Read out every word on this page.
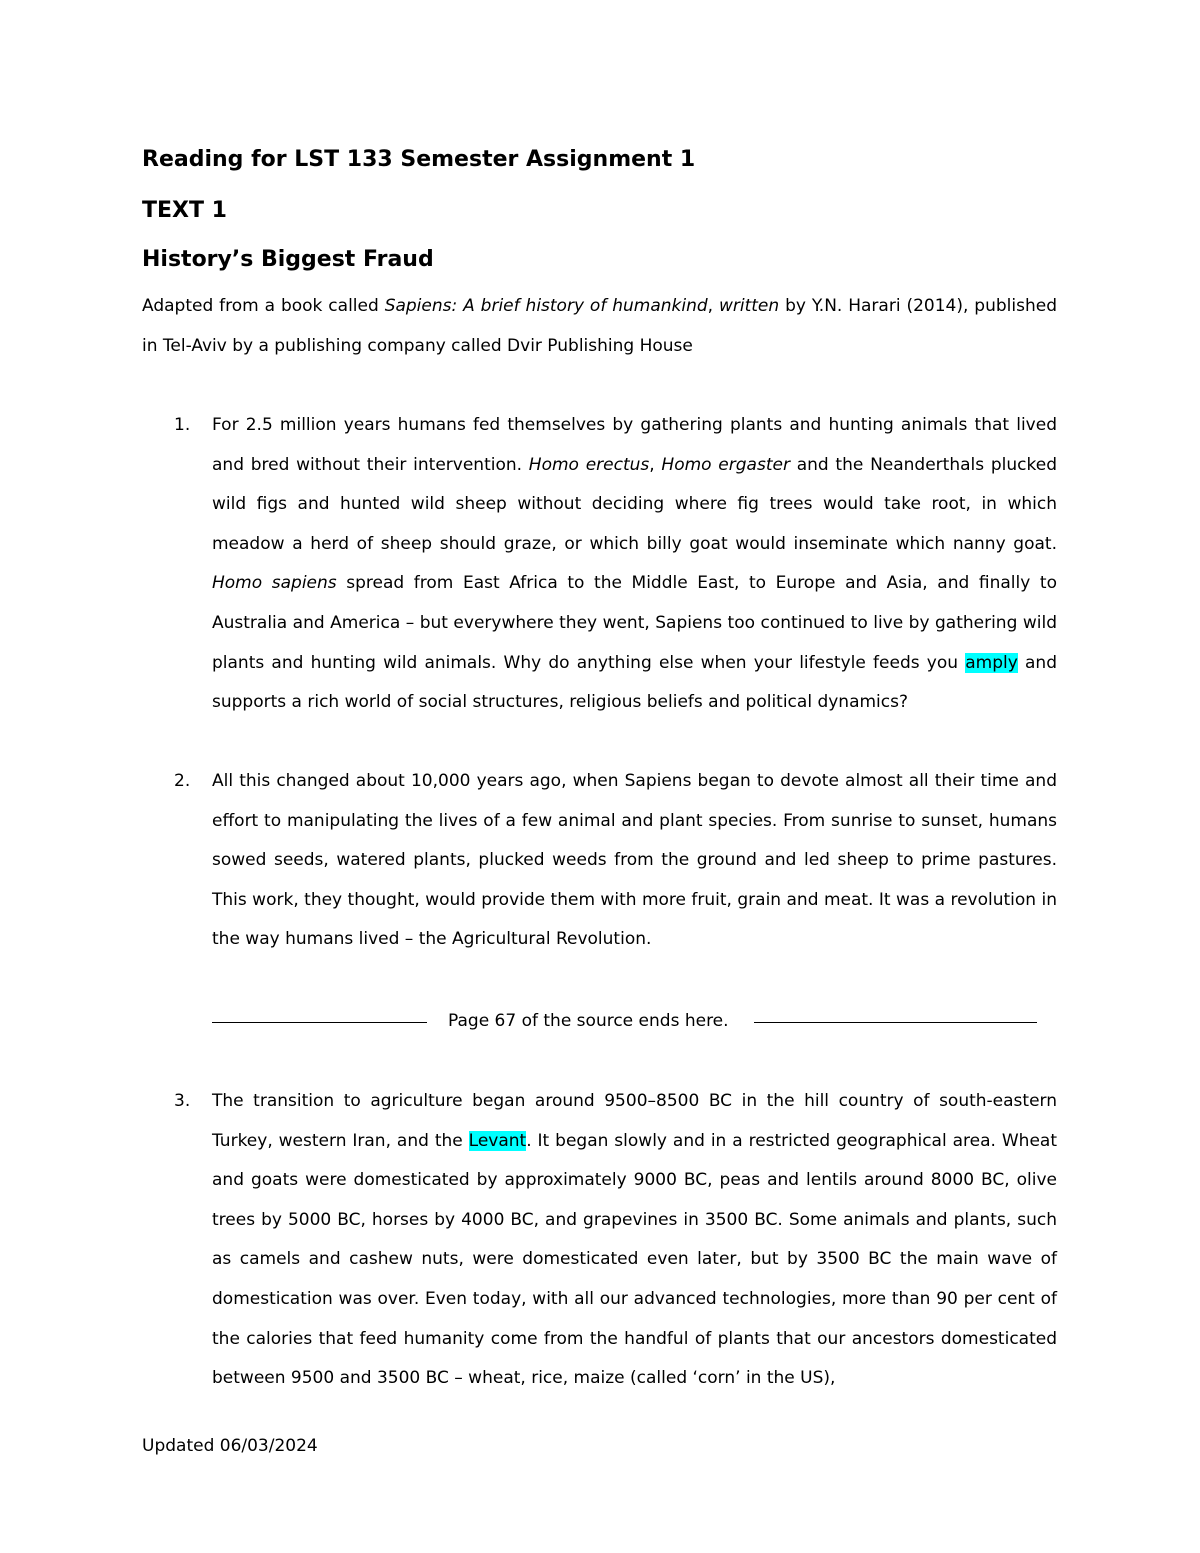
Reading for LST 133 Semester Assignment 1
TEXT 1
History’s Biggest Fraud

Adapted from a book called Sapiens: A brief history of humankind, written by Y.N. Harari (2014), published in Tel-Aviv by a publishing company called Dvir Publishing House

1. For 2.5 million years humans fed themselves by gathering plants and hunting animals that lived and bred without their intervention. Homo erectus, Homo ergaster and the Neanderthals plucked wild figs and hunted wild sheep without deciding where fig trees would take root, in which meadow a herd of sheep should graze, or which billy goat would inseminate which nanny goat. Homo sapiens spread from East Africa to the Middle East, to Europe and Asia, and finally to Australia and America – but everywhere they went, Sapiens too continued to live by gathering wild plants and hunting wild animals. Why do anything else when your lifestyle feeds you amply and supports a rich world of social structures, religious beliefs and political dynamics?

2. All this changed about 10,000 years ago, when Sapiens began to devote almost all their time and effort to manipulating the lives of a few animal and plant species. From sunrise to sunset, humans sowed seeds, watered plants, plucked weeds from the ground and led sheep to prime pastures. This work, they thought, would provide them with more fruit, grain and meat. It was a revolution in the way humans lived – the Agricultural Revolution.

Page 67 of the source ends here.
3. The transition to agriculture began around 9500–8500 BC in the hill country of south-eastern Turkey, western Iran, and the Levant. It began slowly and in a restricted geographical area. Wheat and goats were domesticated by approximately 9000 BC, peas and lentils around 8000 BC, olive trees by 5000 BC, horses by 4000 BC, and grapevines in 3500 BC. Some animals and plants, such as camels and cashew nuts, were domesticated even later, but by 3500 BC the main wave of domestication was over. Even today, with all our advanced technologies, more than 90 per cent of the calories that feed humanity come from the handful of plants that our ancestors domesticated between 9500 and 3500 BC – wheat, rice, maize (called ‘corn’ in the US),

Updated 06/03/2024
